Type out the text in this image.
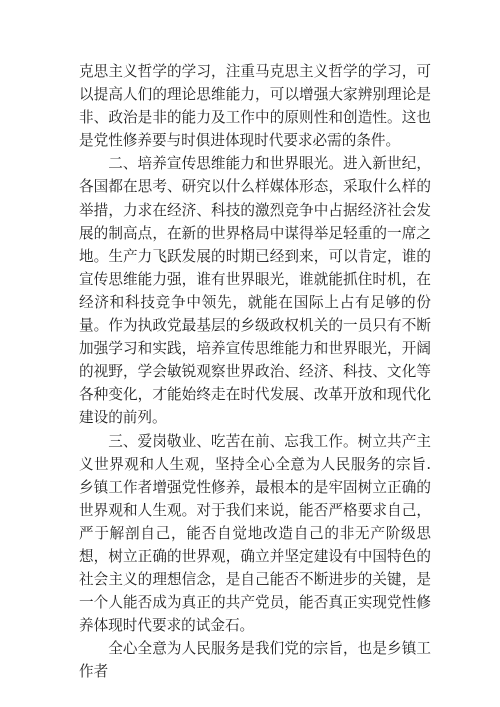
克思主义哲学的学习，注重马克思主义哲学的学习，可以提高人们的理论思维能力，可以增强大家辨别理论是非、政治是非的能力及工作中的原则性和创造性。这也是党性修养要与时俱进体现时代要求必需的条件。

二、培养宣传思维能力和世界眼光。进入新世纪，各国都在思考、研究以什么样媒体形态，采取什么样的举措，力求在经济、科技的激烈竞争中占据经济社会发展的制高点，在新的世界格局中谋得举足轻重的一席之地。生产力飞跃发展的时期已经到来，可以肯定，谁的宣传思维能力强，谁有世界眼光，谁就能抓住时机，在经济和科技竞争中领先，就能在国际上占有足够的份量。作为执政党最基层的乡级政权机关的一员只有不断加强学习和实践，培养宣传思维能力和世界眼光，开阔的视野，学会敏锐观察世界政治、经济、科技、文化等各种变化，才能始终走在时代发展、改革开放和现代化建设的前列。

三、爱岗敬业、吃苦在前、忘我工作。树立共产主义世界观和人生观，坚持全心全意为人民服务的宗旨.乡镇工作者增强党性修养，最根本的是牢固树立正确的世界观和人生观。对于我们来说，能否严格要求自己，严于解剖自己，能否自觉地改造自己的非无产阶级思想，树立正确的世界观，确立并坚定建设有中国特色的社会主义的理想信念，是自己能否不断进步的关键，是一个人能否成为真正的共产党员，能否真正实现党性修养体现时代要求的试金石。

全心全意为人民服务是我们党的宗旨，也是乡镇工作者
